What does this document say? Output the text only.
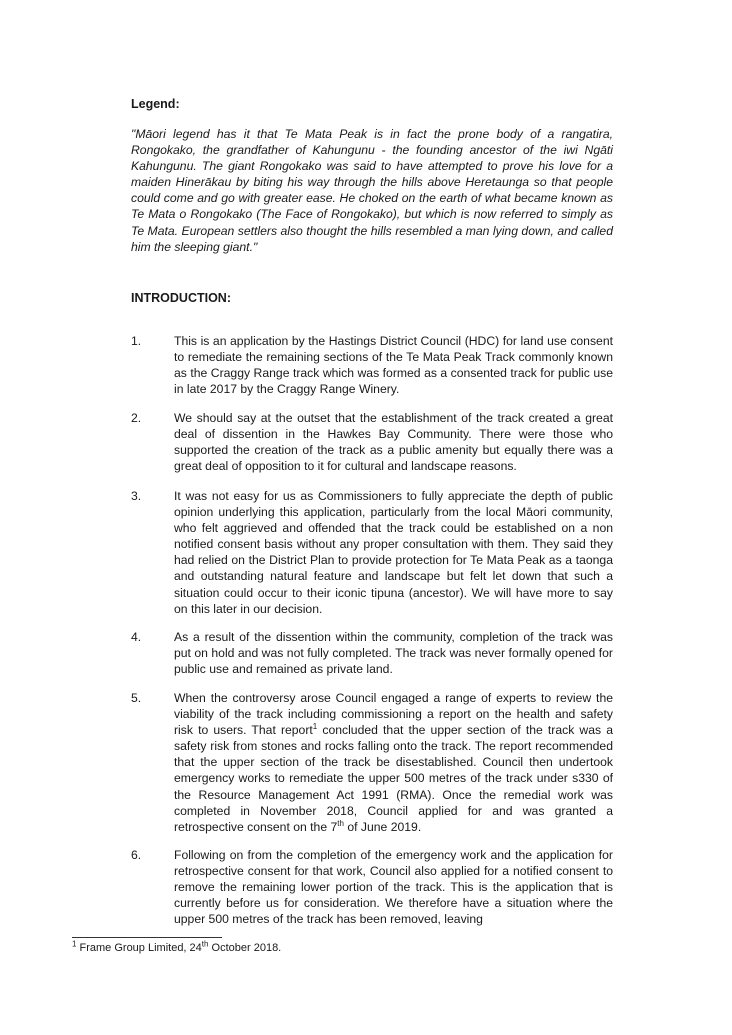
Legend:

"Māori legend has it that Te Mata Peak is in fact the prone body of a rangatira, Rongokako, the grandfather of Kahungunu - the founding ancestor of the iwi Ngāti Kahungunu. The giant Rongokako was said to have attempted to prove his love for a maiden Hinerākau by biting his way through the hills above Heretaunga so that people could come and go with greater ease. He choked on the earth of what became known as Te Mata o Rongokako (The Face of Rongokako), but which is now referred to simply as Te Mata. European settlers also thought the hills resembled a man lying down, and called him the sleeping giant."

INTRODUCTION:

1.	This is an application by the Hastings District Council (HDC) for land use consent to remediate the remaining sections of the Te Mata Peak Track commonly known as the Craggy Range track which was formed as a consented track for public use in late 2017 by the Craggy Range Winery.
2.	We should say at the outset that the establishment of the track created a great deal of dissention in the Hawkes Bay Community. There were those who supported the creation of the track as a public amenity but equally there was a great deal of opposition to it for cultural and landscape reasons.
3.	It was not easy for us as Commissioners to fully appreciate the depth of public opinion underlying this application, particularly from the local Māori community, who felt aggrieved and offended that the track could be established on a non notified consent basis without any proper consultation with them. They said they had relied on the District Plan to provide protection for Te Mata Peak as a taonga and outstanding natural feature and landscape but felt let down that such a situation could occur to their iconic tipuna (ancestor). We will have more to say on this later in our decision.
4.	As a result of the dissention within the community, completion of the track was put on hold and was not fully completed. The track was never formally opened for public use and remained as private land.
5.	When the controversy arose Council engaged a range of experts to review the viability of the track including commissioning a report on the health and safety risk to users. That report$^1$ concluded that the upper section of the track was a safety risk from stones and rocks falling onto the track. The report recommended that the upper section of the track be disestablished. Council then undertook emergency works to remediate the upper 500 metres of the track under s330 of the Resource Management Act 1991 (RMA). Once the remedial work was completed in November 2018, Council applied for and was granted a retrospective consent on the 7th of June 2019.
6.	Following on from the completion of the emergency work and the application for retrospective consent for that work, Council also applied for a notified consent to remove the remaining lower portion of the track. This is the application that is currently before us for consideration. We therefore have a situation where the upper 500 metres of the track has been removed, leaving

$^1$ Frame Group Limited, 24th October 2018.
